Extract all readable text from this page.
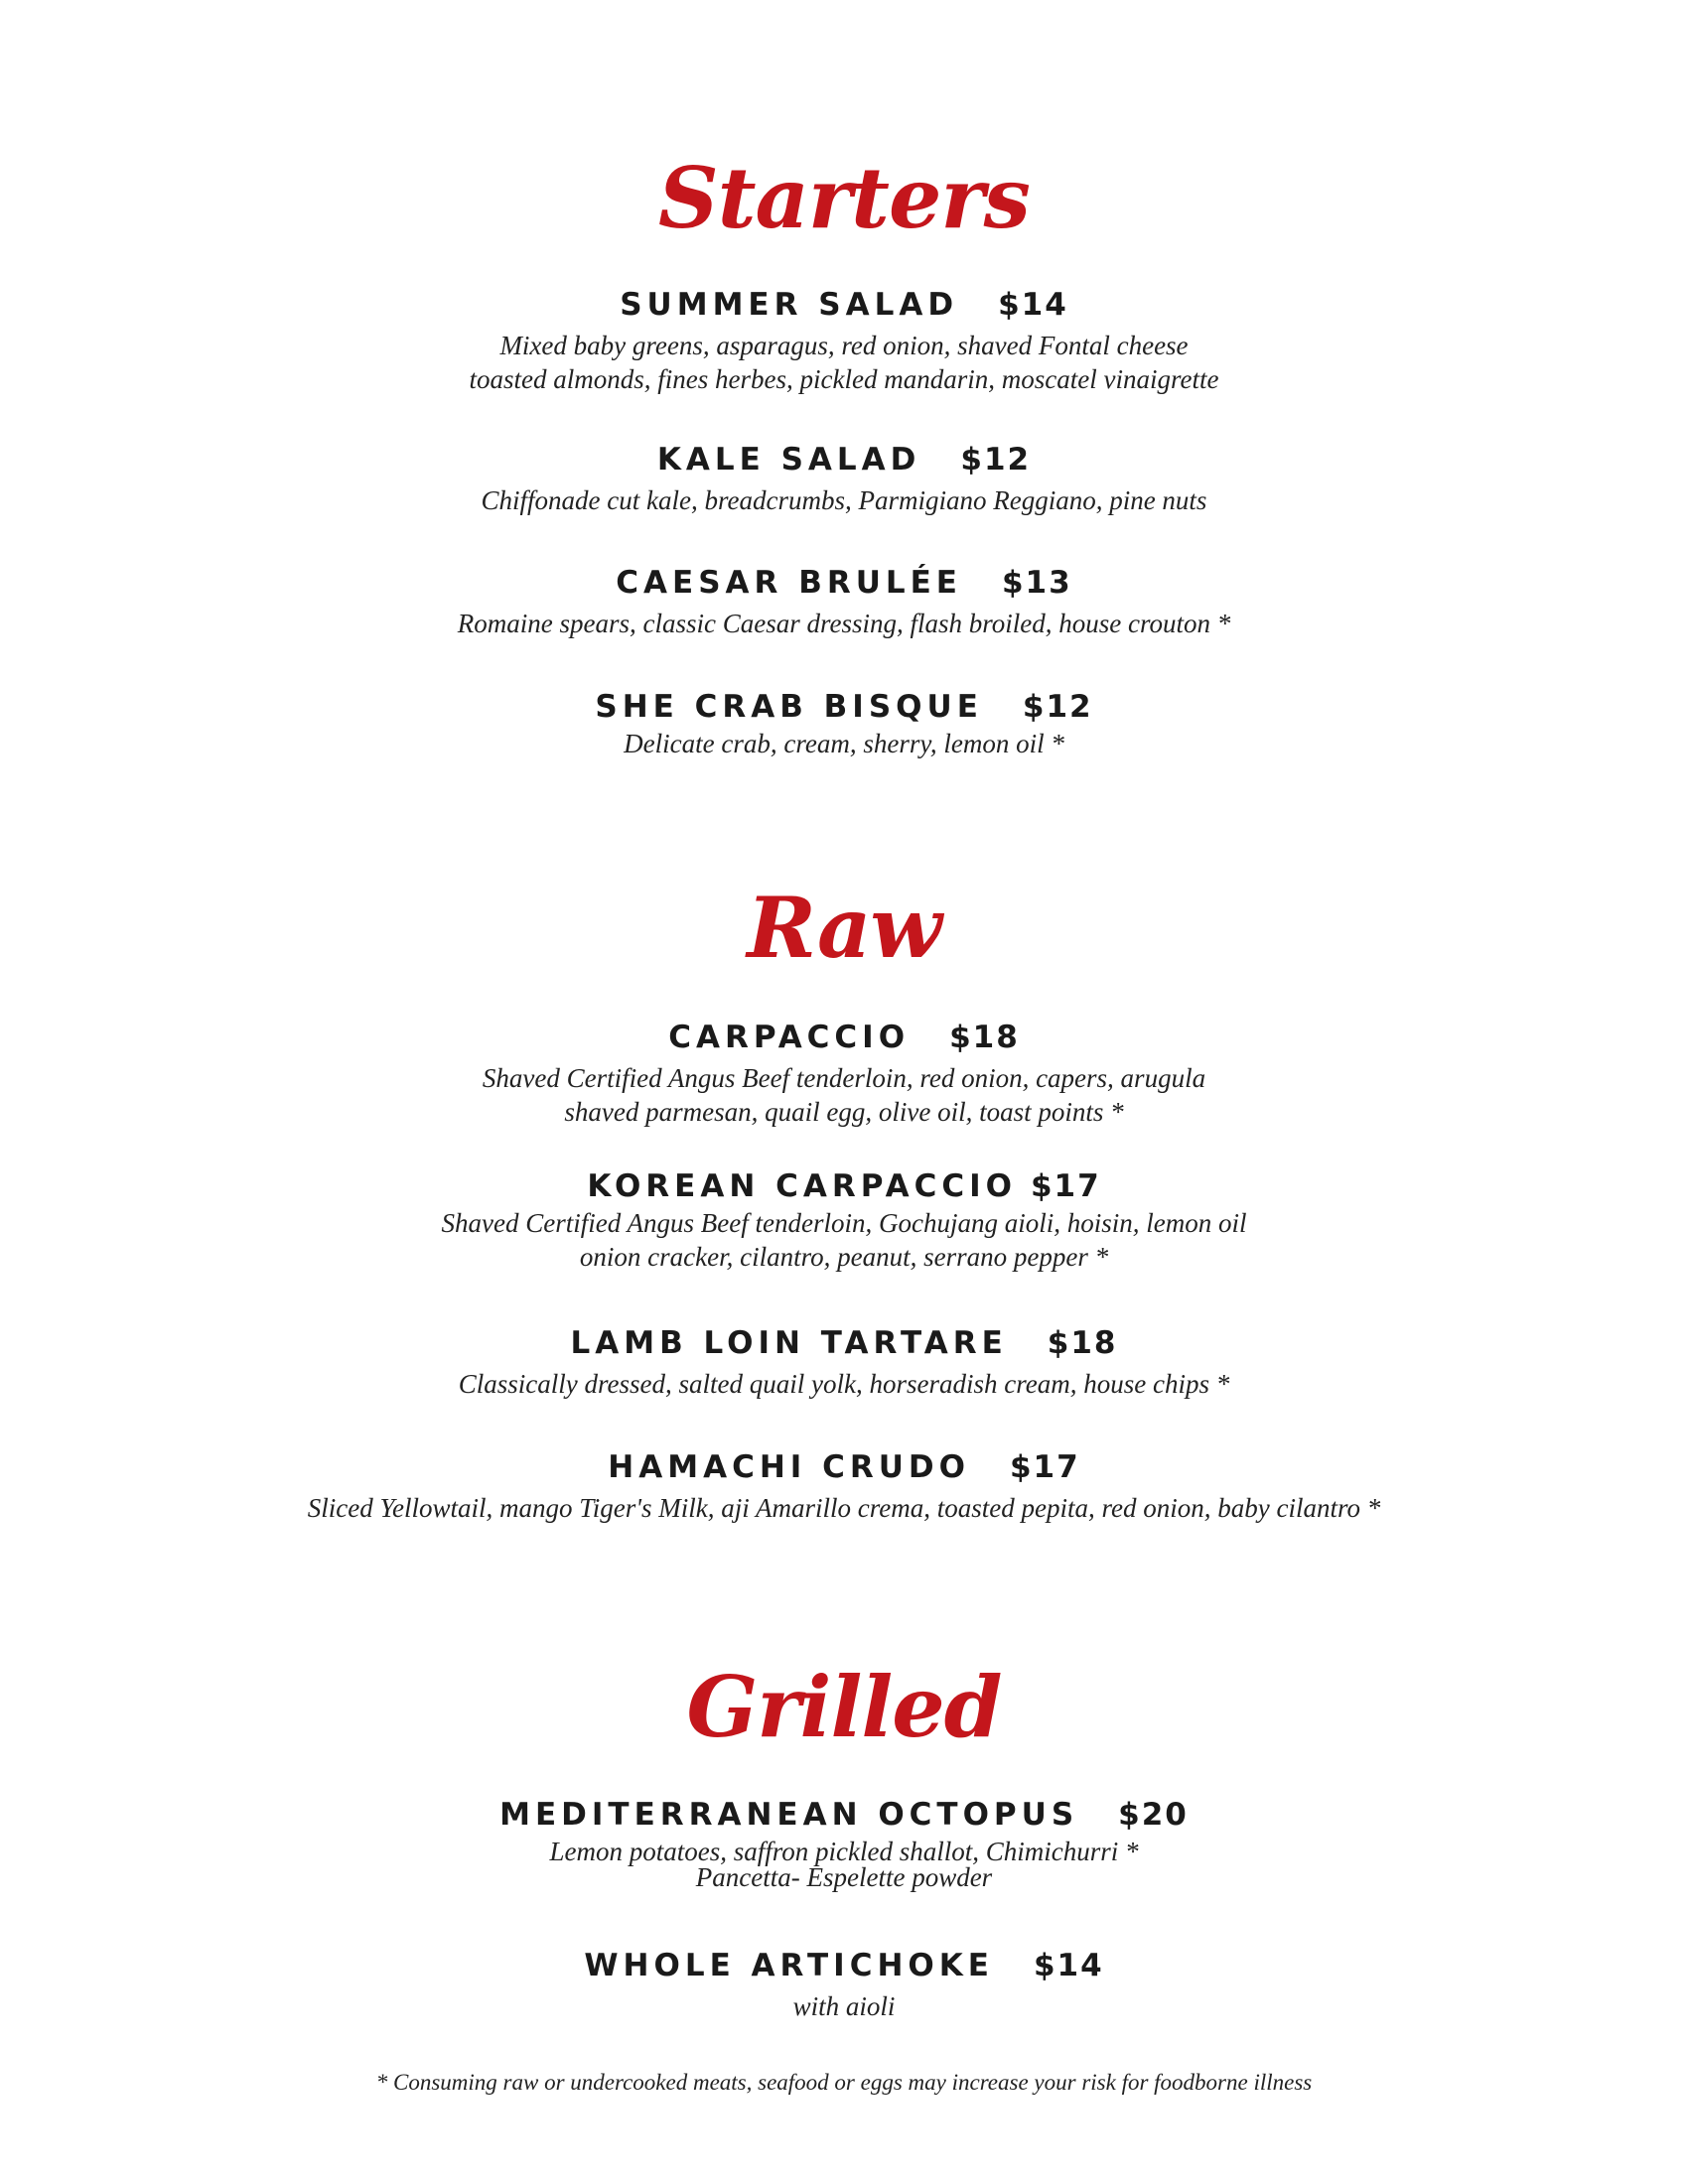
Starters
SUMMER SALAD $14
Mixed baby greens, asparagus, red onion, shaved Fontal cheese
toasted almonds, fines herbes, pickled mandarin, moscatel vinaigrette
KALE SALAD $12
Chiffonade cut kale, breadcrumbs, Parmigiano Reggiano, pine nuts
CAESAR BRULÉE $13
Romaine spears, classic Caesar dressing, flash broiled, house crouton *
SHE CRAB BISQUE $12
Delicate crab, cream, sherry, lemon oil *
Raw
CARPACCIO $18
Shaved Certified Angus Beef tenderloin, red onion, capers, arugula
shaved parmesan, quail egg, olive oil, toast points *
KOREAN CARPACCIO $17
Shaved Certified Angus Beef tenderloin, Gochujang aioli, hoisin, lemon oil
onion cracker, cilantro, peanut, serrano pepper *
LAMB LOIN TARTARE $18
Classically dressed, salted quail yolk, horseradish cream, house chips *
HAMACHI CRUDO $17
Sliced Yellowtail, mango Tiger's Milk, aji Amarillo crema, toasted pepita, red onion, baby cilantro *
Grilled
MEDITERRANEAN OCTOPUS $20
Lemon potatoes, saffron pickled shallot, Chimichurri *
Pancetta- Espelette powder
WHOLE ARTICHOKE $14
with aioli
* Consuming raw or undercooked meats, seafood or eggs may increase your risk for foodborne illness
